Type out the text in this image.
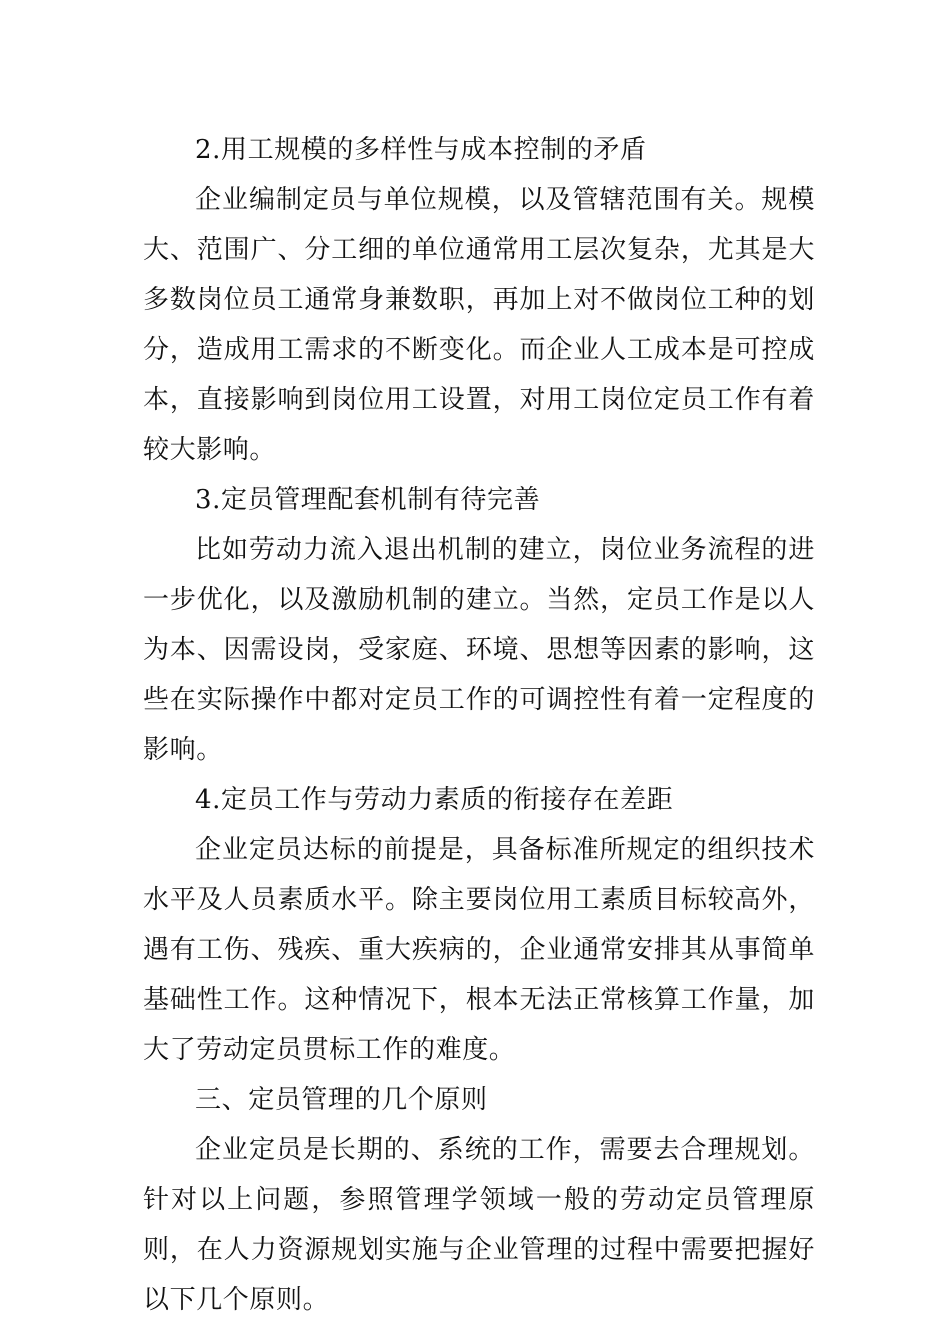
2.用工规模的多样性与成本控制的矛盾

企业编制定员与单位规模，以及管辖范围有关。规模大、范围广、分工细的单位通常用工层次复杂，尤其是大多数岗位员工通常身兼数职，再加上对不做岗位工种的划分，造成用工需求的不断变化。而企业人工成本是可控成本，直接影响到岗位用工设置，对用工岗位定员工作有着较大影响。

3.定员管理配套机制有待完善

比如劳动力流入退出机制的建立，岗位业务流程的进一步优化，以及激励机制的建立。当然，定员工作是以人为本、因需设岗，受家庭、环境、思想等因素的影响，这些在实际操作中都对定员工作的可调控性有着一定程度的影响。

4.定员工作与劳动力素质的衔接存在差距

企业定员达标的前提是，具备标准所规定的组织技术水平及人员素质水平。除主要岗位用工素质目标较高外，遇有工伤、残疾、重大疾病的，企业通常安排其从事简单基础性工作。这种情况下，根本无法正常核算工作量，加大了劳动定员贯标工作的难度。

三、定员管理的几个原则

企业定员是长期的、系统的工作，需要去合理规划。针对以上问题，参照管理学领域一般的劳动定员管理原则，在人力资源规划实施与企业管理的过程中需要把握好以下几个原则。
